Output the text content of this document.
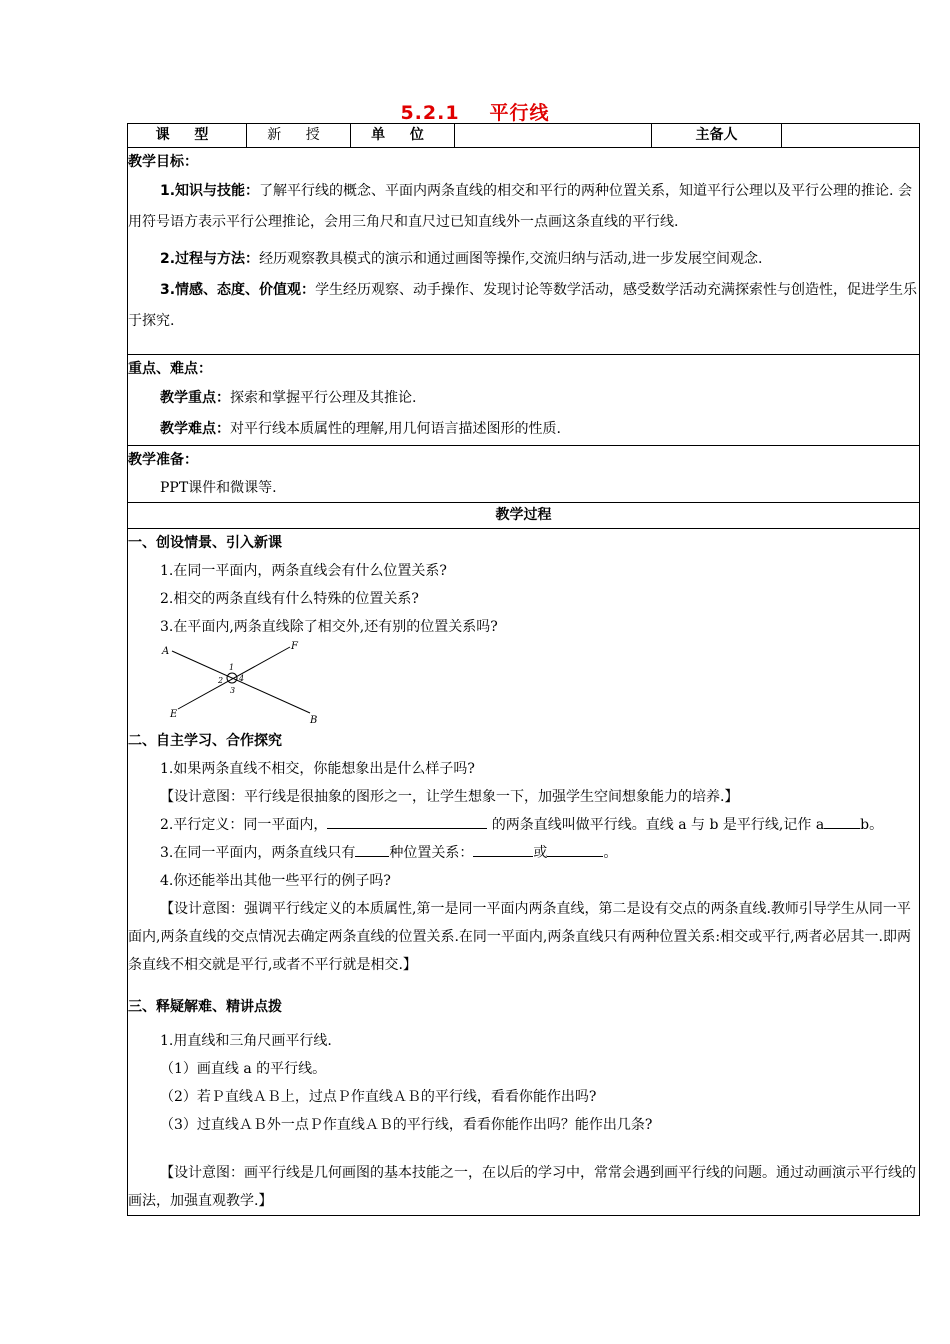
5.2.1 平行线
课 型	新 授	单 位		主备人	

教学目标：

1.知识与技能：了解平行线的概念、平面内两条直线的相交和平行的两种位置关系，知道平行公理以及平行公理的推论. 会用符号语方表示平行公理推论，会用三角尺和直尺过已知直线外一点画这条直线的平行线.

2.过程与方法：经历观察教具模式的演示和通过画图等操作,交流归纳与活动,进一步发展空间观念.

3.情感、态度、价值观：学生经历观察、动手操作、发现讨论等数学活动，感受数学活动充满探索性与创造性，促进学生乐于探究.

重点、难点：

教学重点：探索和掌握平行公理及其推论.

教学难点：对平行线本质属性的理解,用几何语言描述图形的性质.

教学准备：

PPT课件和微课等.

教学过程

一、创设情景、引入新课

1.在同一平面内，两条直线会有什么位置关系?

2.相交的两条直线有什么特殊的位置关系?

3.在平面内,两条直线除了相交外,还有别的位置关系吗?

A	F
E
B
1
2
3
4

二、自主学习、合作探究

1.如果两条直线不相交，你能想象出是什么样子吗?

【设计意图：平行线是很抽象的图形之一，让学生想象一下，加强学生空间想象能力的培养.】

2.平行定义：同一平面内，	的两条直线叫做平行线。直线 a 与 b 是平行线,记作 a	b。

3.在同一平面内，两条直线只有 种位置关系：	或	。

4.你还能举出其他一些平行的例子吗?

【设计意图：强调平行线定义的本质属性,第一是同一平面内两条直线，第二是设有交点的两条直线.教师引导学生从同一平面内,两条直线的交点情况去确定两条直线的位置关系.在同一平面内,两条直线只有两种位置关系:相交或平行,两者必居其一.即两条直线不相交就是平行,或者不平行就是相交.】

三、释疑解难、精讲点拨

1.用直线和三角尺画平行线.

（1）画直线 a 的平行线。

（2）若Ｐ直线ＡＢ上，过点Ｐ作直线ＡＢ的平行线，看看你能作出吗?

（3）过直线ＡＢ外一点Ｐ作直线ＡＢ的平行线，看看你能作出吗？能作出几条?

【设计意图：画平行线是几何画图的基本技能之一，在以后的学习中，常常会遇到画平行线的问题。通过动画演示平行线的画法，加强直观教学.】
